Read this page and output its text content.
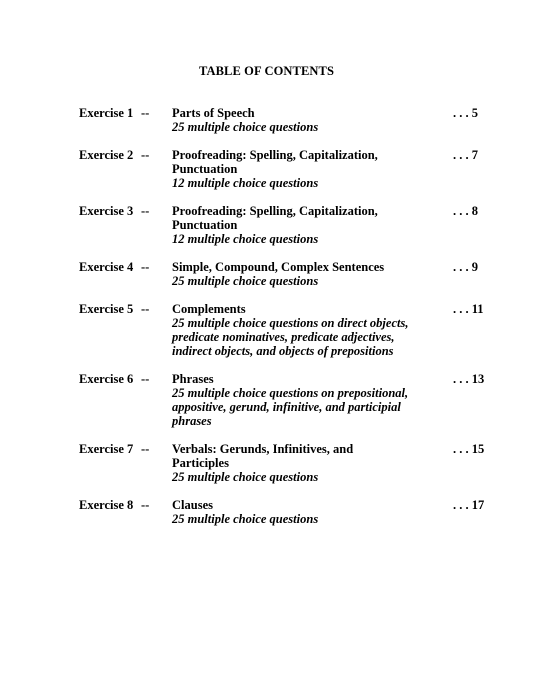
TABLE OF CONTENTS
Exercise 1 -- Parts of Speech
25 multiple choice questions
. . . 5
Exercise 2 -- Proofreading: Spelling, Capitalization,
Punctuation
12 multiple choice questions
. . . 7
Exercise 3 -- Proofreading: Spelling, Capitalization,
Punctuation
12 multiple choice questions
. . . 8
Exercise 4 -- Simple, Compound, Complex Sentences
25 multiple choice questions
. . . 9
Exercise 5 -- Complements
25 multiple choice questions on direct objects,
predicate nominatives, predicate adjectives,
indirect objects, and objects of prepositions
. . . 11
Exercise 6 -- Phrases
25 multiple choice questions on prepositional,
appositive, gerund, infinitive, and participial
phrases
. . . 13
Exercise 7 -- Verbals: Gerunds, Infinitives, and
Participles
25 multiple choice questions
. . . 15
Exercise 8 -- Clauses
25 multiple choice questions
. . . 17
